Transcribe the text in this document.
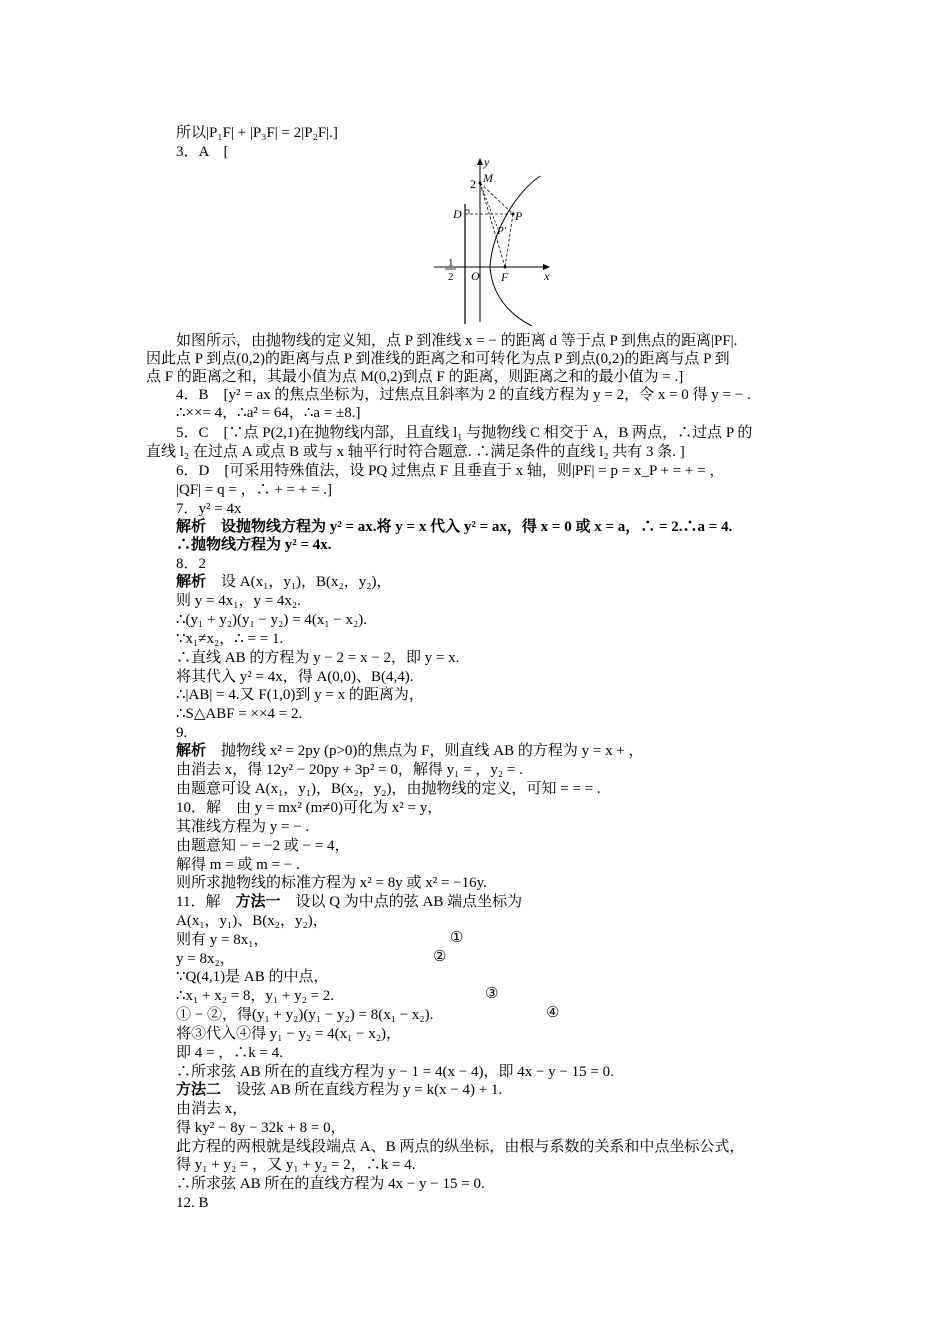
所以|P₁F| + |P₃F| = 2|P₂F|.]
3．A　[
y
x
2 M
D	P
P′
O F
− 1
2
如图所示，由抛物线的定义知，点 P 到准线 x = − 的距离 d 等于点 P 到焦点的距离|PF|.
因此点 P 到点(0,2)的距离与点 P 到准线的距离之和可转化为点 P 到点(0,2)的距离与点 P 到
点 F 的距离之和，其最小值为点 M(0,2)到点 F 的距离，则距离之和的最小值为 = .]
4．B　[y² = ax 的焦点坐标为，过焦点且斜率为 2 的直线方程为 y = 2，令 x = 0 得 y = − .
∴××= 4，∴a² = 64，∴a = ±8.]
5．C　[∵点 P(2,1)在抛物线内部，且直线 l₁ 与抛物线 C 相交于 A，B 两点，∴过点 P 的
直线 l₂ 在过点 A 或点 B 或与 x 轴平行时符合题意. ∴满足条件的直线 l₂ 共有 3 条. ]
6．D　[可采用特殊值法，设 PQ 过焦点 F 且垂直于 x 轴，则|PF| = p = x_P + = + = ，
|QF| = q = ，∴ + = + = .]
7．y² = 4x
解析　设抛物线方程为 y² = ax.将 y = x 代入 y² = ax，得 x = 0 或 x = a，∴ = 2.∴a = 4.
∴抛物线方程为 y² = 4x.
8．2
解析　设 A(x₁，y₁)，B(x₂，y₂)，
则 y = 4x₁，y = 4x₂.
∴(y₁ + y₂)(y₁ − y₂) = 4(x₁ − x₂).
∵x₁≠x₂，∴ = = 1.
∴直线 AB 的方程为 y − 2 = x − 2，即 y = x.
将其代入 y² = 4x，得 A(0,0)、B(4,4).
∴|AB| = 4.又 F(1,0)到 y = x 的距离为，
∴S△ABF = ××4 = 2.
9.
解析　抛物线 x² = 2py (p>0)的焦点为 F，则直线 AB 的方程为 y = x + ，
由消去 x，得 12y² − 20py + 3p² = 0，解得 y₁ = ，y₂ = .
由题意可设 A(x₁，y₁)，B(x₂，y₂)，由抛物线的定义，可知 = = = .
10．解　由 y = mx² (m≠0)可化为 x² = y，
其准线方程为 y = − .
由题意知 − = −2 或 − = 4，
解得 m = 或 m = − .
则所求抛物线的标准方程为 x² = 8y 或 x² = −16y.
11．解　方法一　设以 Q 为中点的弦 AB 端点坐标为
A(x₁，y₁)、B(x₂，y₂)，
则有 y = 8x₁，	①
y = 8x₂，	②
∵Q(4,1)是 AB 的中点，
∴x₁ + x₂ = 8，y₁ + y₂ = 2.	③
① − ②，得(y₁ + y₂)(y₁ − y₂) = 8(x₁ − x₂).	④
将③代入④得 y₁ − y₂ = 4(x₁ − x₂)，
即 4 = ，∴k = 4.
∴所求弦 AB 所在的直线方程为 y − 1 = 4(x − 4)，即 4x − y − 15 = 0.
方法二　设弦 AB 所在直线方程为 y = k(x − 4) + 1.
由消去 x，
得 ky² − 8y − 32k + 8 = 0，
此方程的两根就是线段端点 A、B 两点的纵坐标，由根与系数的关系和中点坐标公式，
得 y₁ + y₂ = ，又 y₁ + y₂ = 2，∴k = 4.
∴所求弦 AB 所在的直线方程为 4x − y − 15 = 0.
12. B
